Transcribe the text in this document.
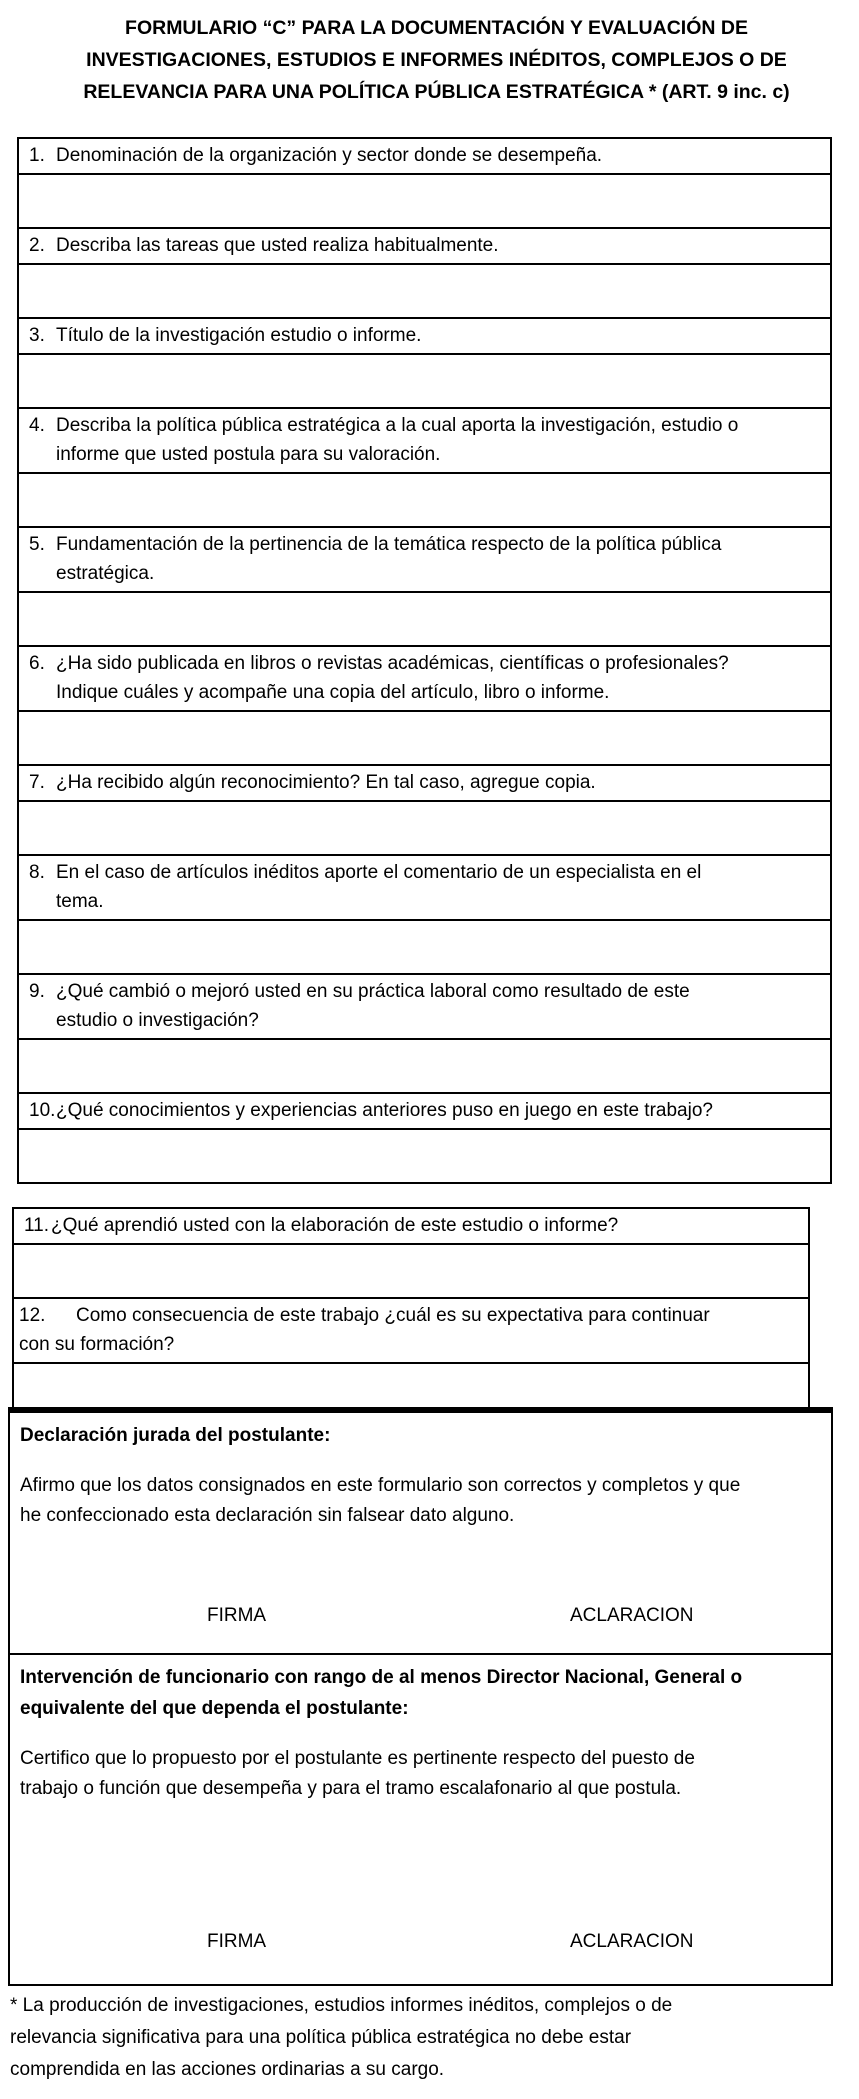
FORMULARIO “C” PARA LA DOCUMENTACIÓN Y EVALUACIÓN DE
INVESTIGACIONES, ESTUDIOS E INFORMES INÉDITOS, COMPLEJOS O DE
RELEVANCIA PARA UNA POLÍTICA PÚBLICA ESTRATÉGICA * (ART. 9 inc. c)
1. Denominación de la organización y sector donde se desempeña.
2. Describa las tareas que usted realiza habitualmente.
3. Título de la investigación estudio o informe.
4. Describa la política pública estratégica a la cual aporta la investigación, estudio o
informe que usted postula para su valoración.
5. Fundamentación de la pertinencia de la temática respecto de la política pública
estratégica.
6. ¿Ha sido publicada en libros o revistas académicas, científicas o profesionales?
Indique cuáles y acompañe una copia del artículo, libro o informe.
7. ¿Ha recibido algún reconocimiento? En tal caso, agregue copia.
8. En el caso de artículos inéditos aporte el comentario de un especialista en el
tema.
9. ¿Qué cambió o mejoró usted en su práctica laboral como resultado de este
estudio o investigación?
10. ¿Qué conocimientos y experiencias anteriores puso en juego en este trabajo?
11. ¿Qué aprendió usted con la elaboración de este estudio o informe?
12. Como consecuencia de este trabajo ¿cuál es su expectativa para continuar
con su formación?
Declaración jurada del postulante:
Afirmo que los datos consignados en este formulario son correctos y completos y que
he confeccionado esta declaración sin falsear dato alguno.
FIRMA	ACLARACION
Intervención de funcionario con rango de al menos Director Nacional, General o
equivalente del que dependa el postulante:
Certifico que lo propuesto por el postulante es pertinente respecto del puesto de
trabajo o función que desempeña y para el tramo escalafonario al que postula.
FIRMA	ACLARACION
* La producción de investigaciones, estudios informes inéditos, complejos o de
relevancia significativa para una política pública estratégica no debe estar
comprendida en las acciones ordinarias a su cargo.
